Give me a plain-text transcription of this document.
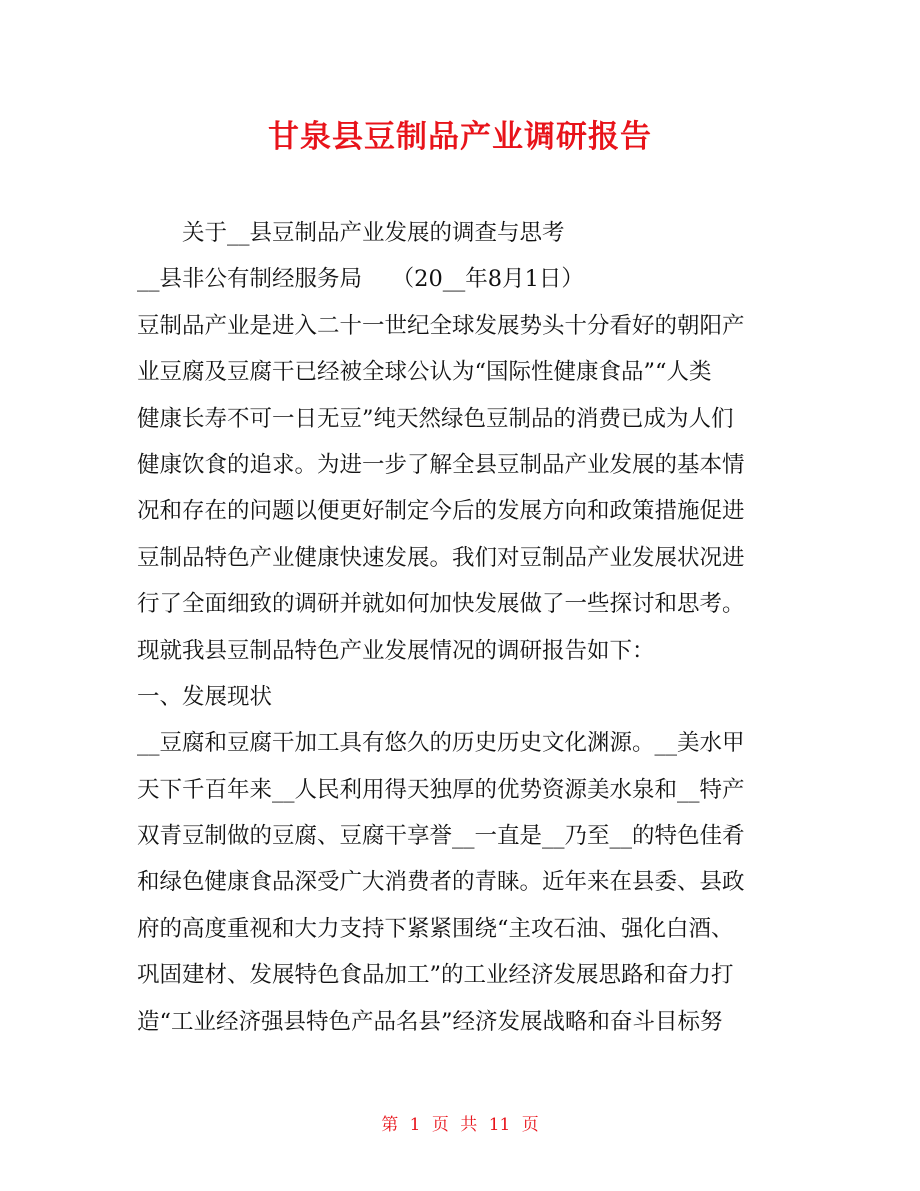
甘泉县豆制品产业调研报告
关于__县豆制品产业发展的调查与思考
__县非公有制经服务局　 （20__年8月1日）
豆制品产业是进入二十一世纪全球发展势头十分看好的朝阳产
业豆腐及豆腐干已经被全球公认为“国际性健康食品”“人类
健康长寿不可一日无豆”纯天然绿色豆制品的消费已成为人们
健康饮食的追求。为进一步了解全县豆制品产业发展的基本情
况和存在的问题以便更好制定今后的发展方向和政策措施促进
豆制品特色产业健康快速发展。我们对豆制品产业发展状况进
行了全面细致的调研并就如何加快发展做了一些探讨和思考。
现就我县豆制品特色产业发展情况的调研报告如下：
一、发展现状
__豆腐和豆腐干加工具有悠久的历史历史文化渊源。__美水甲
天下千百年来__人民利用得天独厚的优势资源美水泉和__特产
双青豆制做的豆腐、豆腐干享誉__一直是__乃至__的特色佳肴
和绿色健康食品深受广大消费者的青睐。近年来在县委、县政
府的高度重视和大力支持下紧紧围绕“主攻石油、强化白酒、
巩固建材、发展特色食品加工”的工业经济发展思路和奋力打
造“工业经济强县特色产品名县”经济发展战略和奋斗目标努
第 1 页 共 11 页
